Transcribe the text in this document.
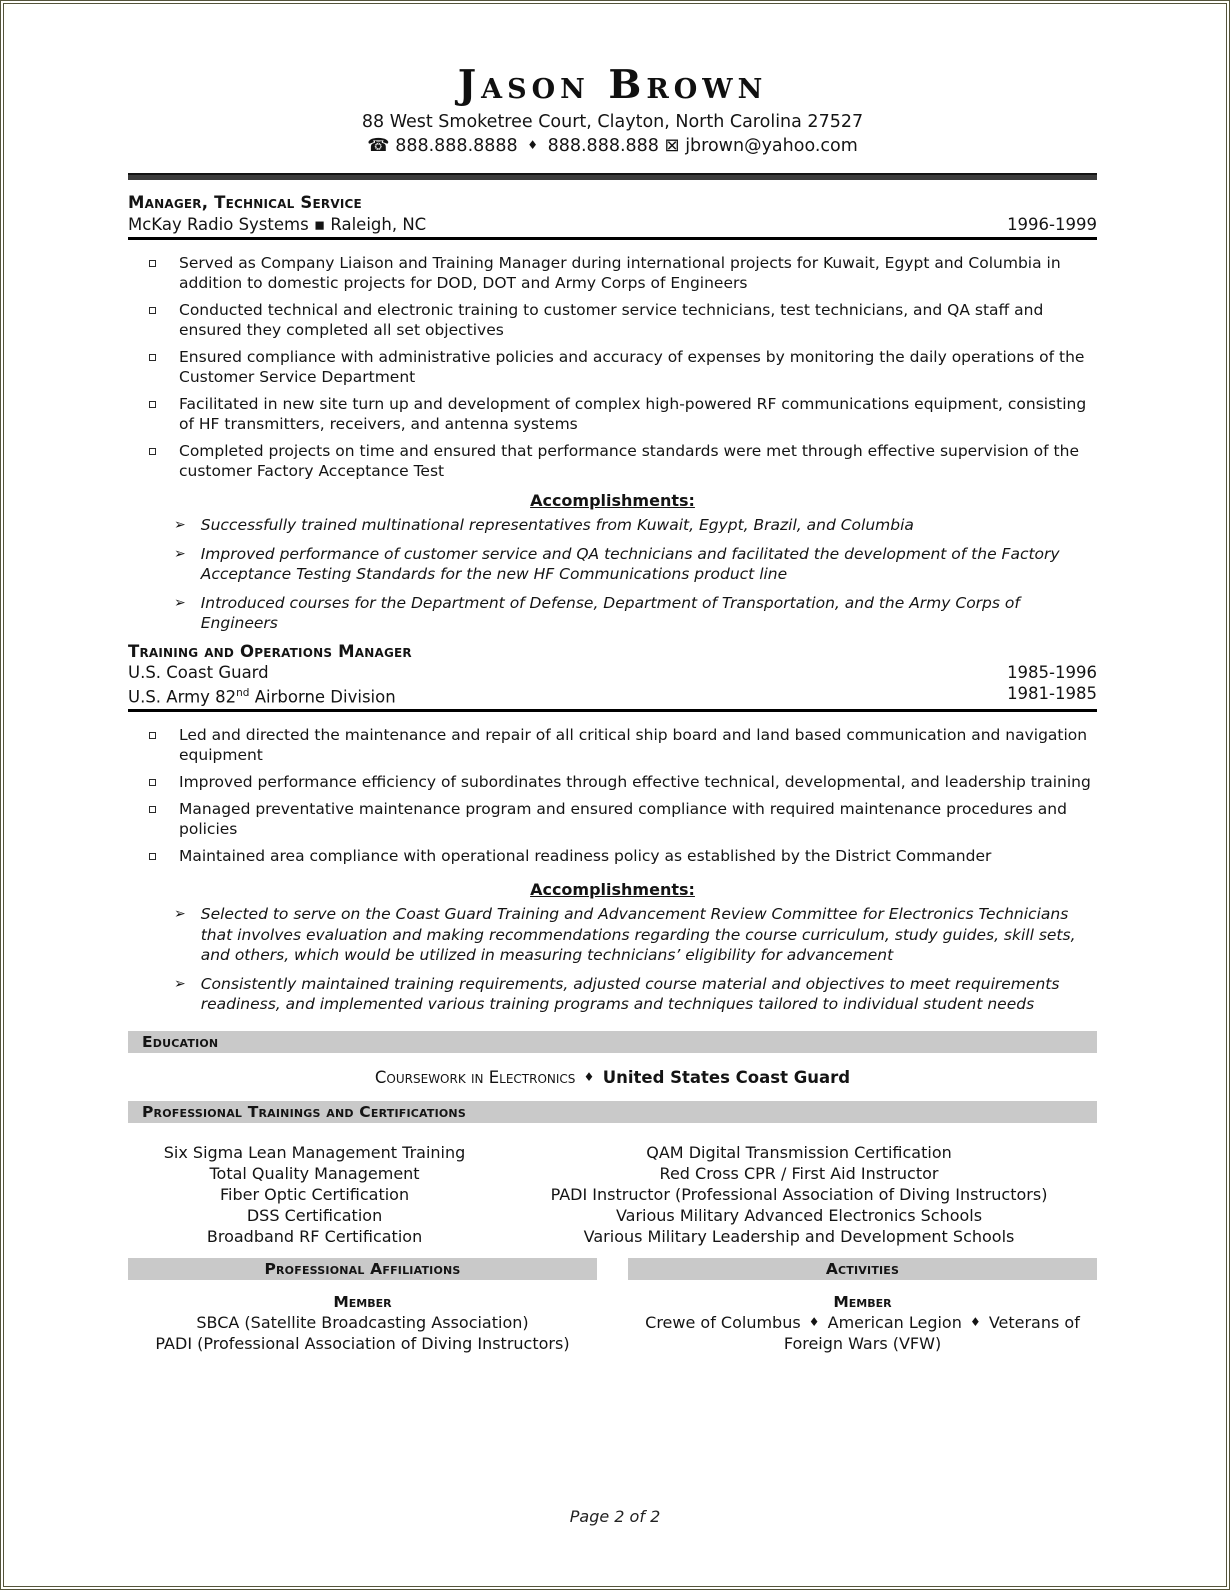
Jason Brown
88 West Smoketree Court, Clayton, North Carolina 27527
☎ 888.888.8888 ♦ 888.888.888 ⊠ jbrown@yahoo.com
Manager, Technical Service
McKay Radio Systems ▪ Raleigh, NC	1996-1999
Served as Company Liaison and Training Manager during international projects for Kuwait, Egypt and Columbia in addition to domestic projects for DOD, DOT and Army Corps of Engineers
Conducted technical and electronic training to customer service technicians, test technicians, and QA staff and ensured they completed all set objectives
Ensured compliance with administrative policies and accuracy of expenses by monitoring the daily operations of the Customer Service Department
Facilitated in new site turn up and development of complex high-powered RF communications equipment, consisting of HF transmitters, receivers, and antenna systems
Completed projects on time and ensured that performance standards were met through effective supervision of the customer Factory Acceptance Test
Accomplishments:
➢ Successfully trained multinational representatives from Kuwait, Egypt, Brazil, and Columbia
➢ Improved performance of customer service and QA technicians and facilitated the development of the Factory Acceptance Testing Standards for the new HF Communications product line
➢ Introduced courses for the Department of Defense, Department of Transportation, and the Army Corps of Engineers
Training and Operations Manager
U.S. Coast Guard	1985-1996
U.S. Army 82nd Airborne Division	1981-1985
Led and directed the maintenance and repair of all critical ship board and land based communication and navigation equipment
Improved performance efficiency of subordinates through effective technical, developmental, and leadership training
Managed preventative maintenance program and ensured compliance with required maintenance procedures and policies
Maintained area compliance with operational readiness policy as established by the District Commander
Accomplishments:
➢ Selected to serve on the Coast Guard Training and Advancement Review Committee for Electronics Technicians that involves evaluation and making recommendations regarding the course curriculum, study guides, skill sets, and others, which would be utilized in measuring technicians’ eligibility for advancement
➢ Consistently maintained training requirements, adjusted course material and objectives to meet requirements readiness, and implemented various training programs and techniques tailored to individual student needs
Education
Coursework in Electronics ♦ United States Coast Guard
Professional Trainings and Certifications
Six Sigma Lean Management Training
Total Quality Management
Fiber Optic Certification
DSS Certification
Broadband RF Certification
QAM Digital Transmission Certification
Red Cross CPR / First Aid Instructor
PADI Instructor (Professional Association of Diving Instructors)
Various Military Advanced Electronics Schools
Various Military Leadership and Development Schools
Professional Affiliations	Activities
Member
SBCA (Satellite Broadcasting Association)
PADI (Professional Association of Diving Instructors)
Member
Crewe of Columbus ♦ American Legion ♦ Veterans of Foreign Wars (VFW)
Page 2 of 2
